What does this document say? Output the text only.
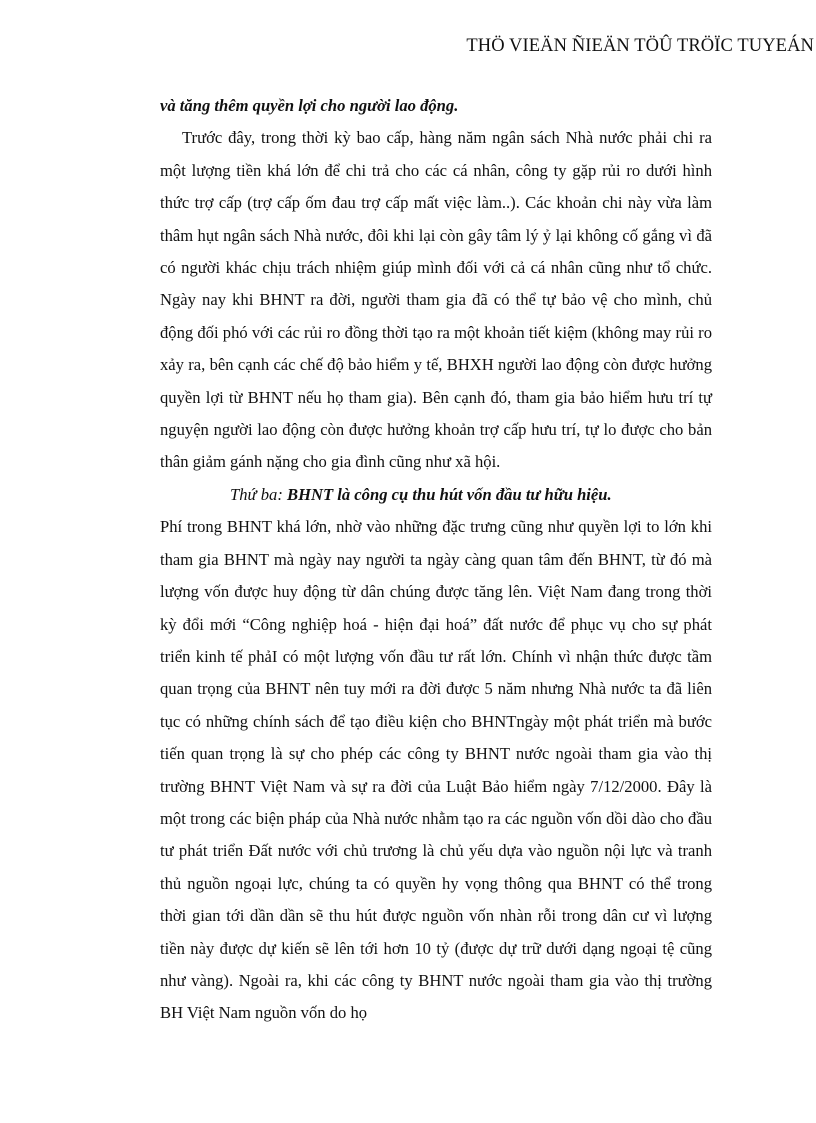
THÖ VIEÄN ÑIEÄN TÖÛ TRÖÏC TUYEÁN

và tăng thêm quyền lợi cho người lao động.

Trước đây, trong thời kỳ bao cấp, hàng năm ngân sách Nhà nước phải chi ra một lượng tiền khá lớn để chi trả cho các cá nhân, công ty gặp rủi ro dưới hình thức trợ cấp (trợ cấp ốm đau trợ cấp mất việc làm..). Các khoản chi này vừa làm thâm hụt ngân sách Nhà nước, đôi khi lại còn gây tâm lý ỷ lại không cố gắng vì đã có người khác chịu trách nhiệm giúp mình đối với cả cá nhân cũng như tổ chức. Ngày nay khi BHNT ra đời, người tham gia đã có thể tự bảo vệ cho mình, chủ động đối phó với các rủi ro đồng thời tạo ra một khoản tiết kiệm (không may rủi ro xảy ra, bên cạnh các chế độ bảo hiểm y tế, BHXH người lao động còn được hưởng quyền lợi từ BHNT nếu họ tham gia). Bên cạnh đó, tham gia bảo hiểm hưu trí tự nguyện người lao động còn được hưởng khoản trợ cấp hưu trí, tự lo được cho bản thân giảm gánh nặng cho gia đình cũng như xã hội.

Thứ ba: BHNT là công cụ thu hút vốn đầu tư hữu hiệu.

Phí trong BHNT khá lớn, nhờ vào những đặc trưng cũng như quyền lợi to lớn khi tham gia BHNT mà ngày nay người ta ngày càng quan tâm đến BHNT, từ đó mà lượng vốn được huy động từ dân chúng được tăng lên. Việt Nam đang trong thời kỳ đổi mới “Công nghiệp hoá - hiện đại hoá” đất nước để phục vụ cho sự phát triển kinh tế phảI có một lượng vốn đầu tư rất lớn. Chính vì nhận thức được tầm quan trọng của BHNT nên tuy mới ra đời được 5 năm nhưng Nhà nước ta đã liên tục có những chính sách để tạo điều kiện cho BHNTngày một phát triển mà bước tiến quan trọng là sự cho phép các công ty BHNT nước ngoài tham gia vào thị trường BHNT Việt Nam và sự ra đời của Luật Bảo hiểm ngày 7/12/2000. Đây là một trong các biện pháp của Nhà nước nhằm tạo ra các nguồn vốn dồi dào cho đầu tư phát triển Đất nước với chủ trương là chủ yếu dựa vào nguồn nội lực và tranh thủ nguồn ngoại lực, chúng ta có quyền hy vọng thông qua BHNT có thể trong thời gian tới dần dần sẽ thu hút được nguồn vốn nhàn rỗi trong dân cư vì lượng tiền này được dự kiến sẽ lên tới hơn 10 tỷ (được dự trữ dưới dạng ngoại tệ cũng như vàng). Ngoài ra, khi các công ty BHNT nước ngoài tham gia vào thị trường BH Việt Nam nguồn vốn do họ
